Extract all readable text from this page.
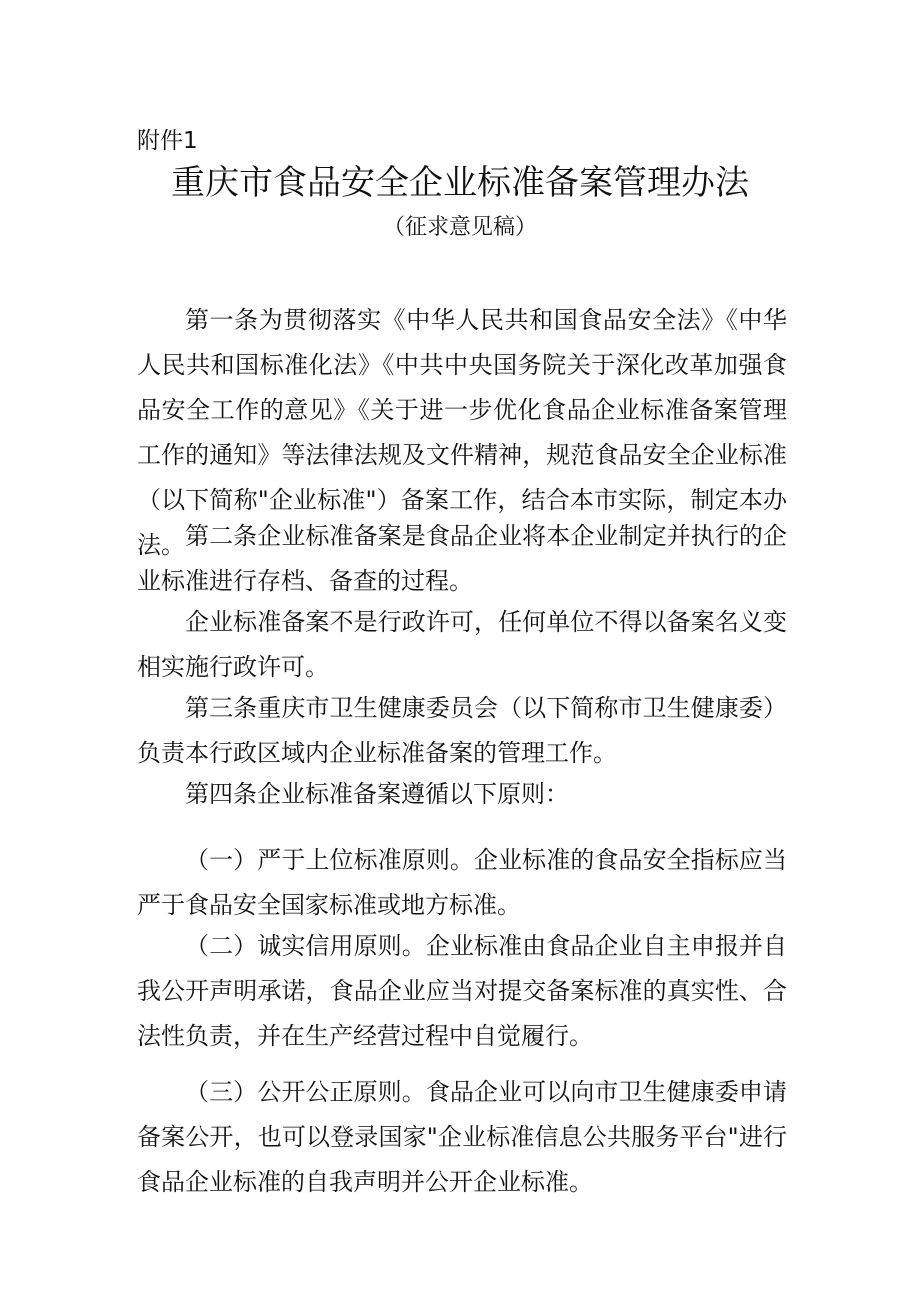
附件1
重庆市食品安全企业标准备案管理办法
（征求意见稿）

第一条为贯彻落实《中华人民共和国食品安全法》《中华人民共和国标准化法》《中共中央国务院关于深化改革加强食品安全工作的意见》《关于进一步优化食品企业标准备案管理工作的通知》等法律法规及文件精神，规范食品安全企业标准（以下简称"企业标准"）备案工作，结合本市实际，制定本办法。 第二条企业标准备案是食品企业将本企业制定并执行的企业标准进行存档、备查的过程。

企业标准备案不是行政许可，任何单位不得以备案名义变相实施行政许可。

第三条重庆市卫生健康委员会（以下简称市卫生健康委）负责本行政区域内企业标准备案的管理工作。

第四条企业标准备案遵循以下原则：

（一）严于上位标准原则。企业标准的食品安全指标应当严于食品安全国家标准或地方标准。

（二）诚实信用原则。企业标准由食品企业自主申报并自我公开声明承诺，食品企业应当对提交备案标准的真实性、合法性负责，并在生产经营过程中自觉履行。

（三）公开公正原则。食品企业可以向市卫生健康委申请备案公开，也可以登录国家"企业标准信息公共服务平台"进行食品企业标准的自我声明并公开企业标准。
